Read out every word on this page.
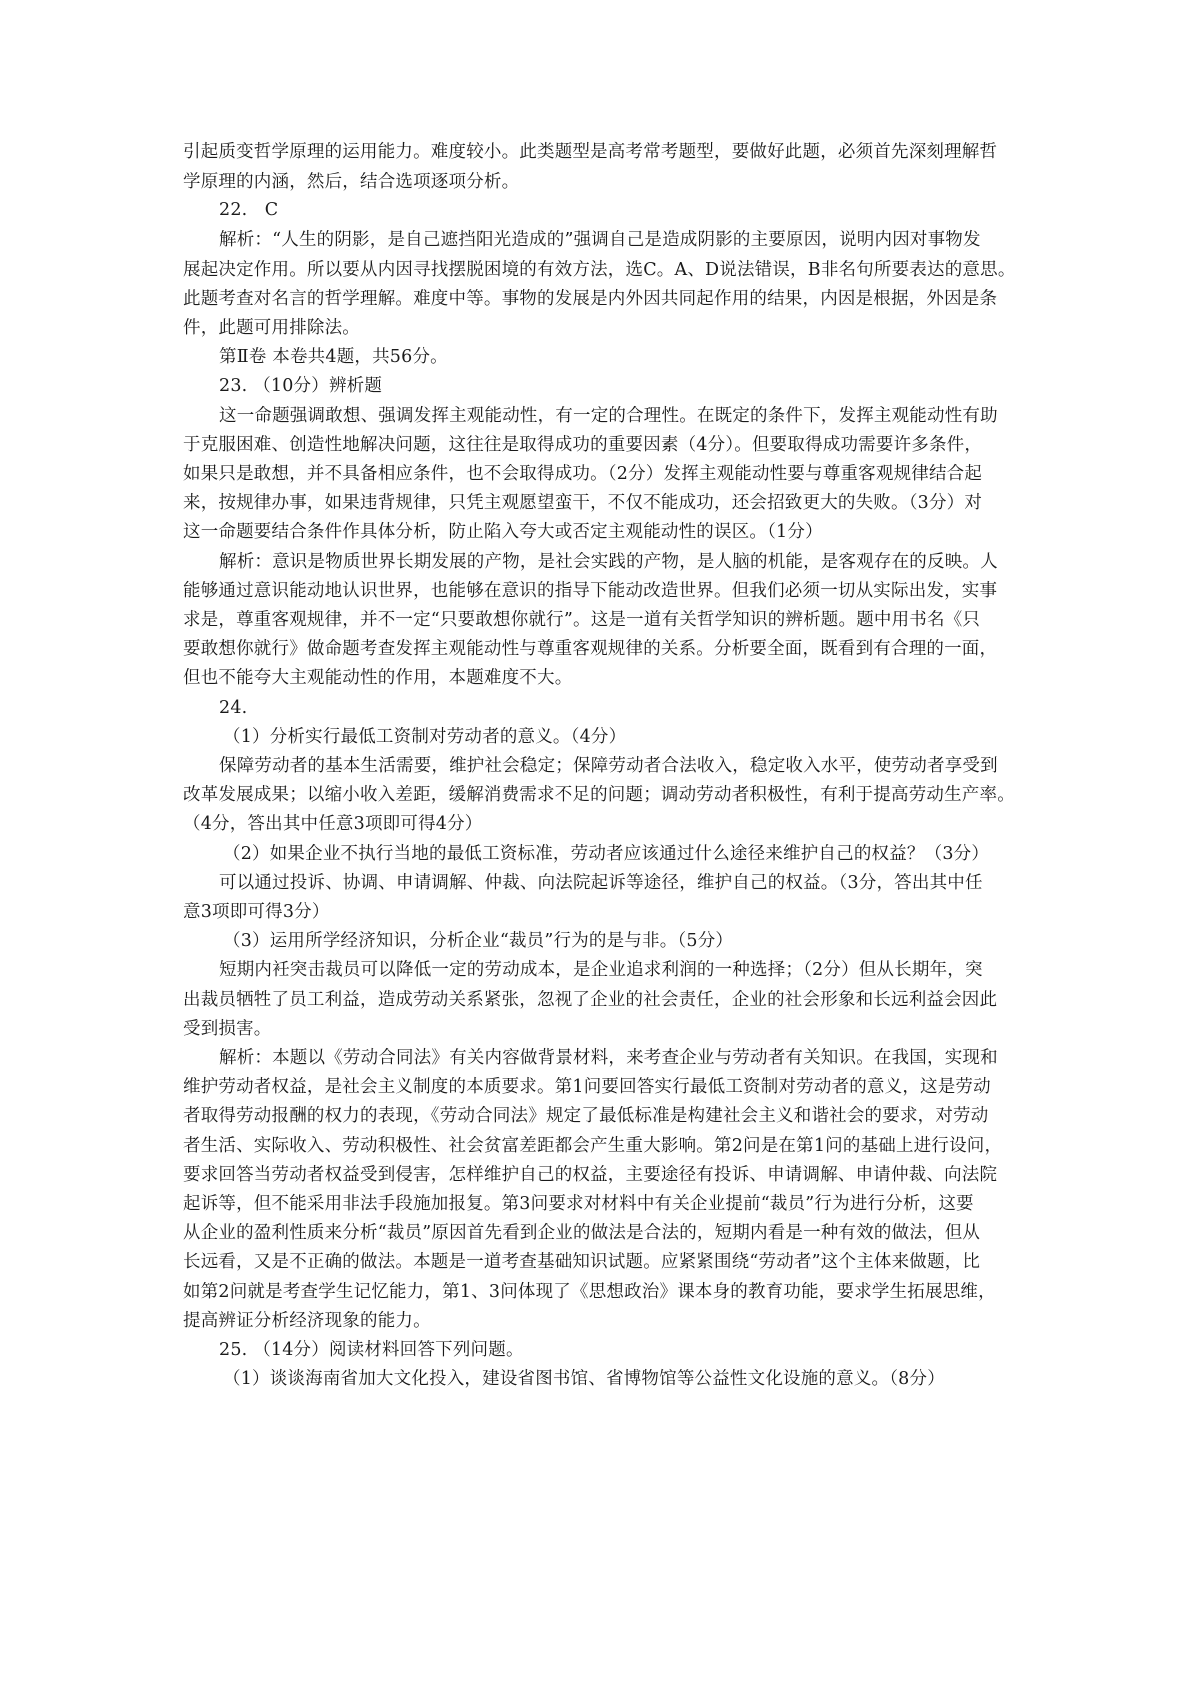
引起质变哲学原理的运用能力。难度较小。此类题型是高考常考题型，要做好此题，必须首先深刻理解哲
学原理的内涵，然后，结合选项逐项分析。
22.   C
解析：“人生的阴影，是自己遮挡阳光造成的”强调自己是造成阴影的主要原因，说明内因对事物发
展起决定作用。所以要从内因寻找摆脱困境的有效方法，选C。A、D说法错误，B非名句所要表达的意思。
此题考查对名言的哲学理解。难度中等。事物的发展是内外因共同起作用的结果，内因是根据，外因是条
件，此题可用排除法。
第Ⅱ卷 本卷共4题，共56分。
23. （10分）辨析题
这一命题强调敢想、强调发挥主观能动性，有一定的合理性。在既定的条件下，发挥主观能动性有助
于克服困难、创造性地解决问题，这往往是取得成功的重要因素（4分）。但要取得成功需要许多条件，
如果只是敢想，并不具备相应条件，也不会取得成功。（2分）发挥主观能动性要与尊重客观规律结合起
来，按规律办事，如果违背规律，只凭主观愿望蛮干，不仅不能成功，还会招致更大的失败。（3分）对
这一命题要结合条件作具体分析，防止陷入夸大或否定主观能动性的误区。（1分）
解析：意识是物质世界长期发展的产物，是社会实践的产物，是人脑的机能，是客观存在的反映。人
能够通过意识能动地认识世界，也能够在意识的指导下能动改造世界。但我们必须一切从实际出发，实事
求是，尊重客观规律，并不一定“只要敢想你就行”。这是一道有关哲学知识的辨析题。题中用书名《只
要敢想你就行》做命题考查发挥主观能动性与尊重客观规律的关系。分析要全面，既看到有合理的一面，
但也不能夸大主观能动性的作用，本题难度不大。
24.
（1）分析实行最低工资制对劳动者的意义。（4分）
保障劳动者的基本生活需要，维护社会稳定；保障劳动者合法收入，稳定收入水平，使劳动者享受到
改革发展成果；以缩小收入差距，缓解消费需求不足的问题；调动劳动者积极性，有利于提高劳动生产率。
（4分，答出其中任意3项即可得4分）
（2）如果企业不执行当地的最低工资标准，劳动者应该通过什么途径来维护自己的权益？（3分）
可以通过投诉、协调、申请调解、仲裁、向法院起诉等途径，维护自己的权益。（3分，答出其中任
意3项即可得3分）
（3）运用所学经济知识，分析企业“裁员”行为的是与非。（5分）
短期内衽突击裁员可以降低一定的劳动成本，是企业追求利润的一种选择；（2分）但从长期年，突
出裁员牺牲了员工利益，造成劳动关系紧张，忽视了企业的社会责任，企业的社会形象和长远利益会因此
受到损害。
解析：本题以《劳动合同法》有关内容做背景材料，来考查企业与劳动者有关知识。在我国，实现和
维护劳动者权益，是社会主义制度的本质要求。第1问要回答实行最低工资制对劳动者的意义，这是劳动
者取得劳动报酬的权力的表现，《劳动合同法》规定了最低标准是构建社会主义和谐社会的要求，对劳动
者生活、实际收入、劳动积极性、社会贫富差距都会产生重大影响。第2问是在第1问的基础上进行设问，
要求回答当劳动者权益受到侵害，怎样维护自己的权益，主要途径有投诉、申请调解、申请仲裁、向法院
起诉等，但不能采用非法手段施加报复。第3问要求对材料中有关企业提前“裁员”行为进行分析，这要
从企业的盈利性质来分析“裁员”原因首先看到企业的做法是合法的，短期内看是一种有效的做法，但从
长远看，又是不正确的做法。本题是一道考查基础知识试题。应紧紧围绕“劳动者”这个主体来做题，比
如第2问就是考查学生记忆能力，第1、3问体现了《思想政治》课本身的教育功能，要求学生拓展思维，
提高辨证分析经济现象的能力。
25. （14分）阅读材料回答下列问题。
（1）谈谈海南省加大文化投入，建设省图书馆、省博物馆等公益性文化设施的意义。（8分）
